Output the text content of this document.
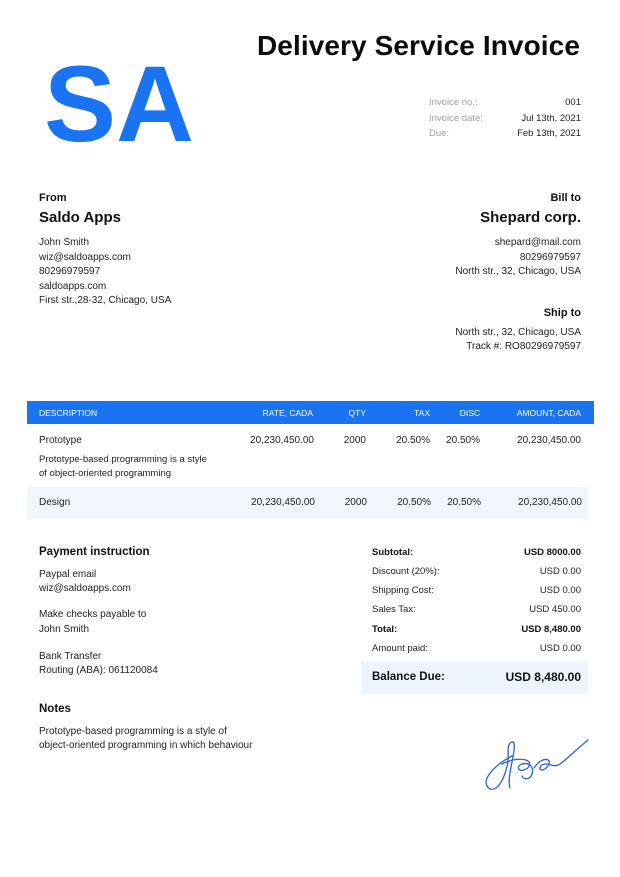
SA Delivery Service Invoice
Invoice no.:	001
Invoice date:	Jul 13th, 2021
Due:	Feb 13th, 2021
From
Saldo Apps
John Smith
wiz@saldoapps.com
80296979597
saldoapps.com
First str.,28-32, Chicago, USA
Bill to
Shepard corp.
shepard@mail.com
80296979597
North str., 32, Chicago, USA
Ship to
North str., 32, Chicago, USA
Track #: RO80296979597
DESCRIPTION	RATE, CADA	QTY	TAX	DISC	AMOUNT, CADA
Prototype
Prototype-based programming is a style
of object-oriented programming
20,230,450.00	2000	20.50% 20.50%	20,230,450.00
Design	20,230,450.00	2000	20.50% 20.50%	20,230,450.00
Payment instruction
Paypal email
wiz@saldoapps.com
Make checks payable to
John Smith
Bank Transfer
Routing (ABA): 061120084
Subtotal:	USD 8000.00
Discount (20%):	USD 0.00
Shipping Cost:	USD 0.00
Sales Tax:	USD 450.00
Total:	USD 8,480.00
Amount paid:	USD 0.00
Balance Due:	USD 8,480.00
Notes
Prototype-based programming is a style of
object-oriented programming in which behaviour
